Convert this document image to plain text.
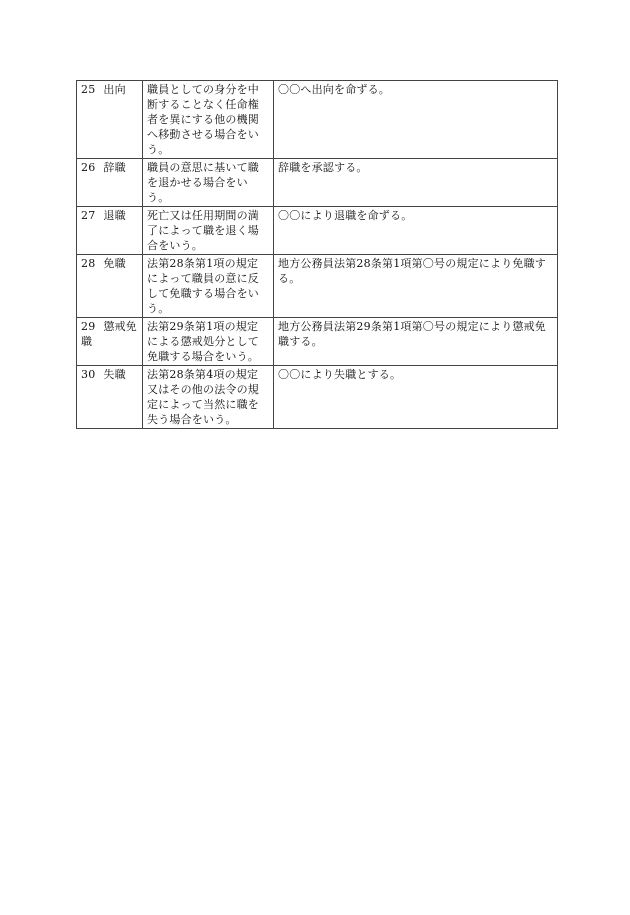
25 出向	職員としての身分を中断することなく任命権者を異にする他の機関へ移動させる場合をいう。	〇〇へ出向を命ずる。

26 辞職	職員の意思に基いて職を退かせる場合をいう。	辞職を承認する。

27 退職	死亡又は任用期間の満了によって職を退く場合をいう。	〇〇により退職を命ずる。

28 免職	法第28条第1項の規定によって職員の意に反して免職する場合をいう。	地方公務員法第28条第1項第〇号の規定により免職する。

29 懲戒免職	法第29条第1項の規定による懲戒処分として免職する場合をいう。	地方公務員法第29条第1項第〇号の規定により懲戒免職する。

30 失職	法第28条第4項の規定又はその他の法令の規定によって当然に職を失う場合をいう。	〇〇により失職とする。
